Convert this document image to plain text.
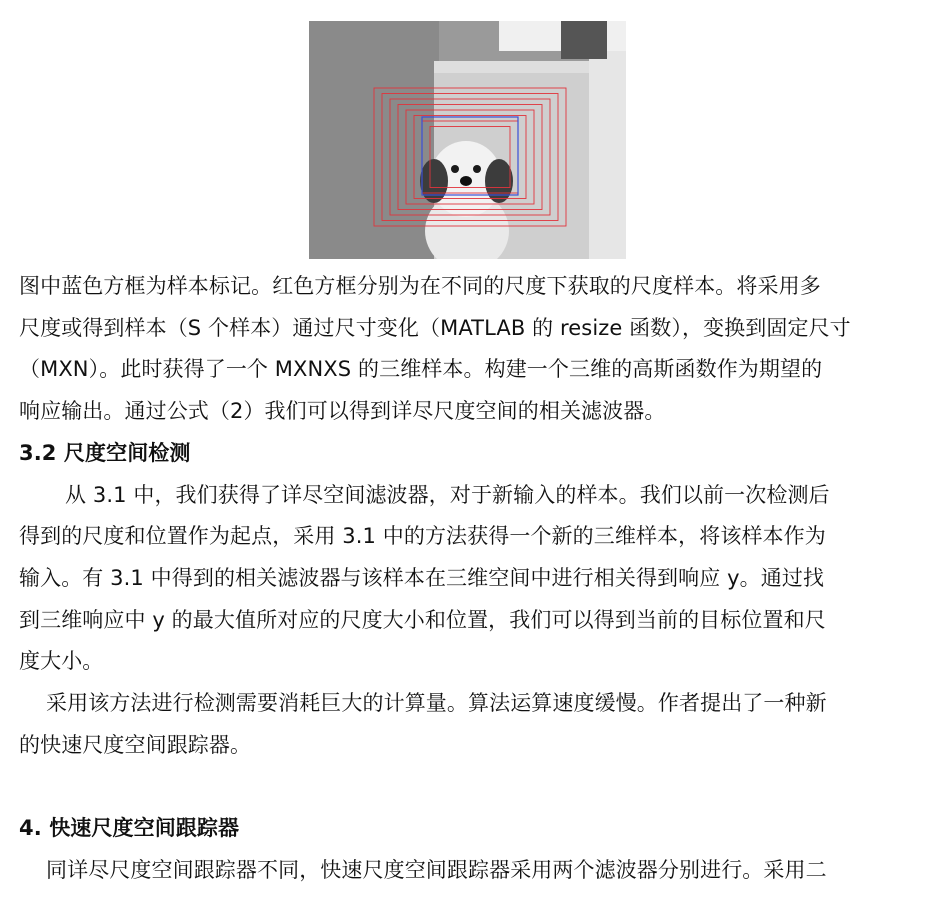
图中蓝色方框为样本标记。红色方框分别为在不同的尺度下获取的尺度样本。将采用多

尺度或得到样本（S 个样本）通过尺寸变化（MATLAB 的 resize 函数），变换到固定尺寸

（MXN）。此时获得了一个 MXNXS 的三维样本。构建一个三维的高斯函数作为期望的

响应输出。通过公式（2）我们可以得到详尽尺度空间的相关滤波器。

3.2 尺度空间检测

从 3.1 中，我们获得了详尽空间滤波器，对于新输入的样本。我们以前一次检测后

得到的尺度和位置作为起点，采用 3.1 中的方法获得一个新的三维样本，将该样本作为

输入。有 3.1 中得到的相关滤波器与该样本在三维空间中进行相关得到响应 y。通过找

到三维响应中 y 的最大值所对应的尺度大小和位置，我们可以得到当前的目标位置和尺

度大小。

采用该方法进行检测需要消耗巨大的计算量。算法运算速度缓慢。作者提出了一种新

的快速尺度空间跟踪器。

4. 快速尺度空间跟踪器

同详尽尺度空间跟踪器不同，快速尺度空间跟踪器采用两个滤波器分别进行。采用二
